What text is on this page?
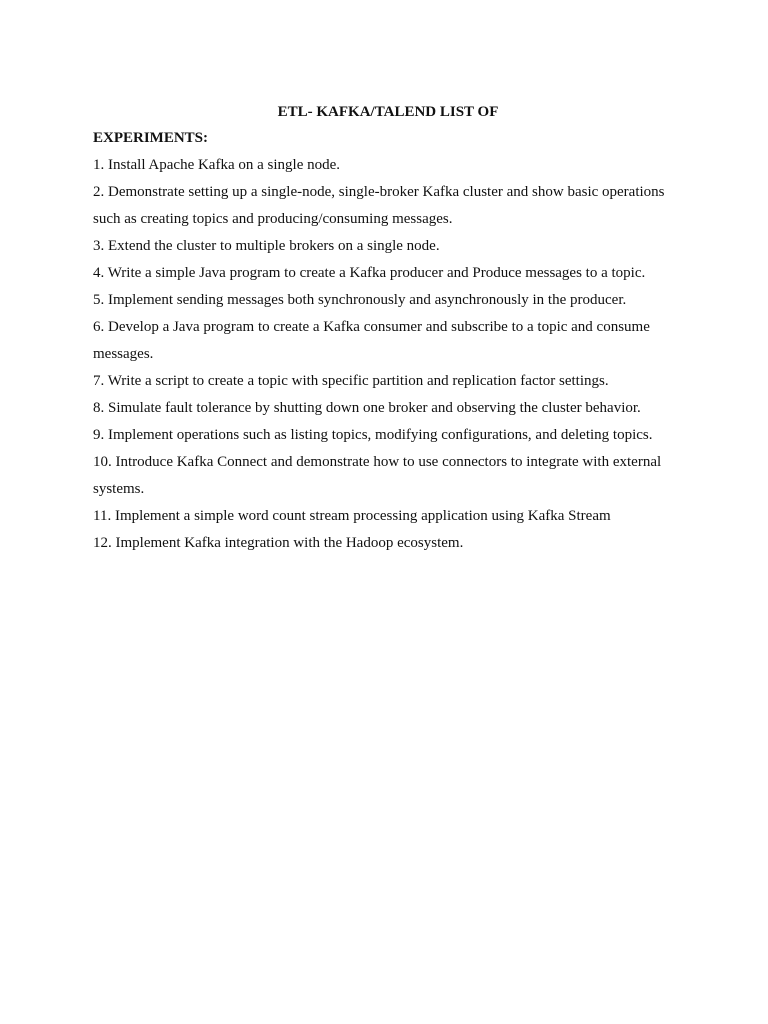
ETL- KAFKA/TALEND LIST OF
EXPERIMENTS:
1. Install Apache Kafka on a single node.
2. Demonstrate setting up a single-node, single-broker Kafka cluster and show basic operations such as creating topics and producing/consuming messages.
3. Extend the cluster to multiple brokers on a single node.
4. Write a simple Java program to create a Kafka producer and Produce messages to a topic.
5. Implement sending messages both synchronously and asynchronously in the producer.
6. Develop a Java program to create a Kafka consumer and subscribe to a topic and consume messages.
7. Write a script to create a topic with specific partition and replication factor settings.
8. Simulate fault tolerance by shutting down one broker and observing the cluster behavior.
9. Implement operations such as listing topics, modifying configurations, and deleting topics.
10. Introduce Kafka Connect and demonstrate how to use connectors to integrate with external systems.
11. Implement a simple word count stream processing application using Kafka Stream
12. Implement Kafka integration with the Hadoop ecosystem.
